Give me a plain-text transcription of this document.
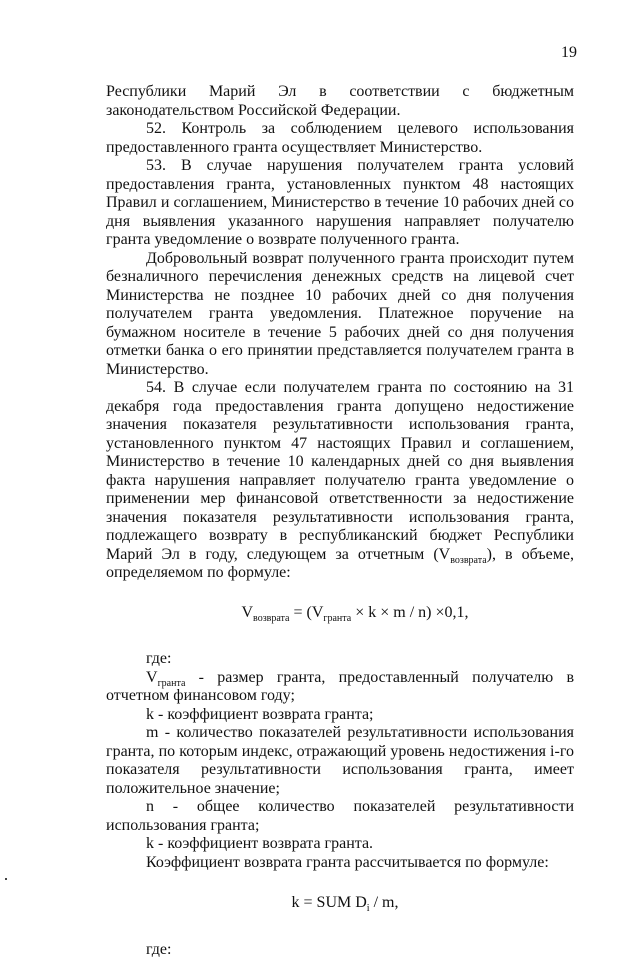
19

Республики Марий Эл в соответствии с бюджетным законодательством Российской Федерации.

52. Контроль за соблюдением целевого использования предоставленного гранта осуществляет Министерство.

53. В случае нарушения получателем гранта условий предоставления гранта, установленных пунктом 48 настоящих Правил и соглашением, Министерство в течение 10 рабочих дней со дня выявления указанного нарушения направляет получателю гранта уведомление о возврате полученного гранта.

Добровольный возврат полученного гранта происходит путем безналичного перечисления денежных средств на лицевой счет Министерства не позднее 10 рабочих дней со дня получения получателем гранта уведомления. Платежное поручение на бумажном носителе в течение 5 рабочих дней со дня получения отметки банка о его принятии представляется получателем гранта в Министерство.

54. В случае если получателем гранта по состоянию на 31 декабря года предоставления гранта допущено недостижение значения показателя результативности использования гранта, установленного пунктом 47 настоящих Правил и соглашением, Министерство в течение 10 календарных дней со дня выявления факта нарушения направляет получателю гранта уведомление о применении мер финансовой ответственности за недостижение значения показателя результативности использования гранта, подлежащего возврату в республиканский бюджет Республики Марий Эл в году, следующем за отчетным $(V_{возврата})$, в объеме, определяемом по формуле:

$V_{возврата} = (V_{гранта} \times k \times m / n) \times 0,1$,

где:

$V_{гранта}$ - размер гранта, предоставленный получателю в отчетном финансовом году;

k - коэффициент возврата гранта;

m - количество показателей результативности использования гранта, по которым индекс, отражающий уровень недостижения i-го показателя результативности использования гранта, имеет положительное значение;

n - общее количество показателей результативности использования гранта;

k - коэффициент возврата гранта.

Коэффициент возврата гранта рассчитывается по формуле:

k = SUM $D_i$ / m,

где:
